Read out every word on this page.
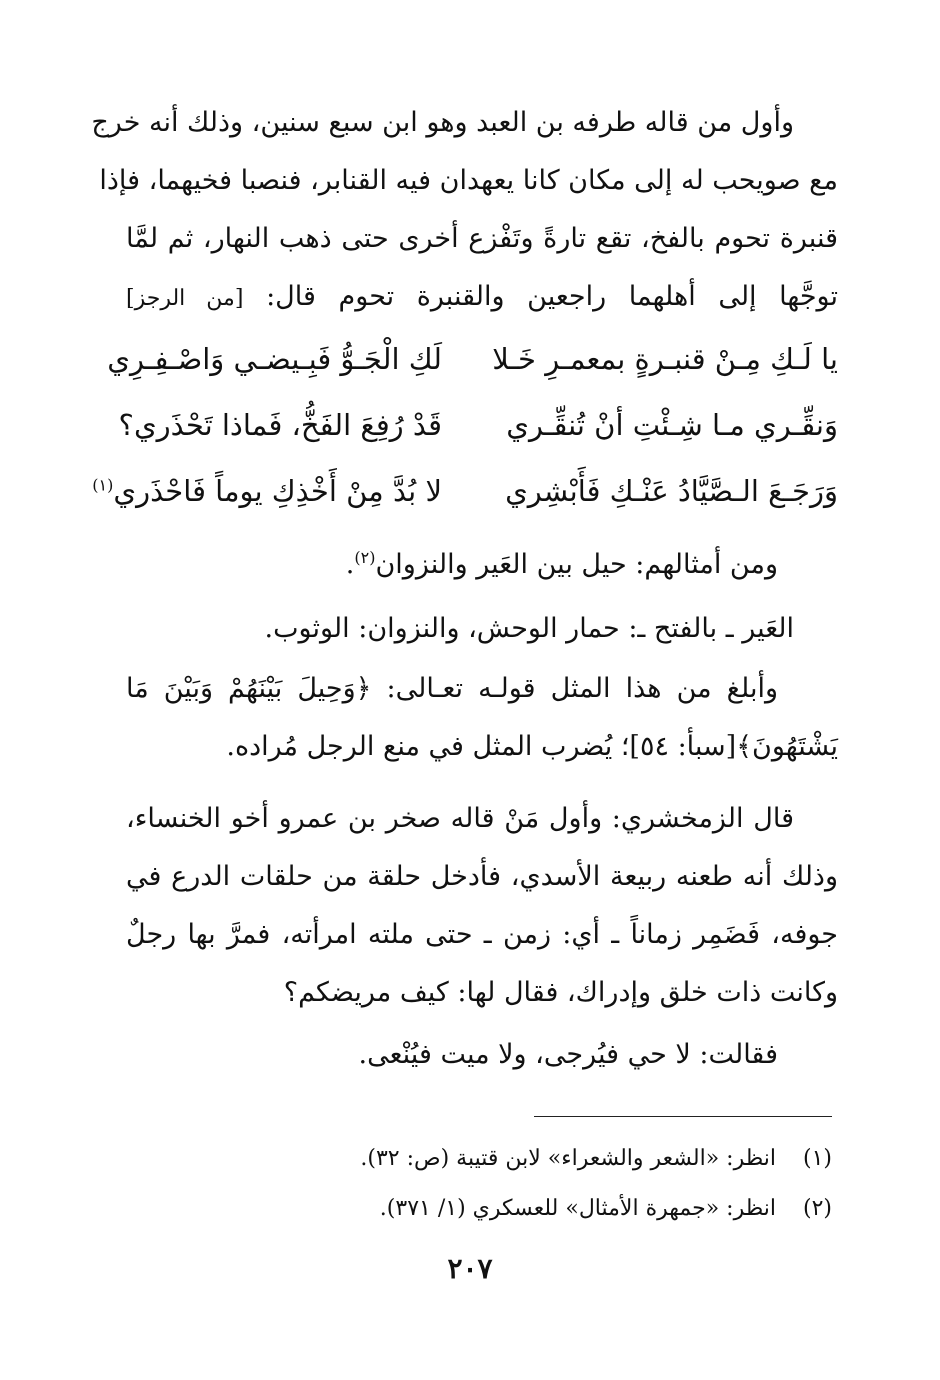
وأول من قاله طرفه بن العبد وهو ابن سبع سنين، وذلك أنه خرج
مع صويحب له إلى مكان كانا يعهدان فيه القنابر، فنصبا فخيهما، فإذا
قنبرة تحوم بالفخ، تقع تارةً وتَفْزع أخرى حتى ذهب النهار، ثم لمَّا
توجَّها إلى أهلهما راجعين والقنبرة تحوم قال: [من الرجز]
يا لَـكِ مِـنْ قنبـرةٍ بمعمـرِ خَـلا
لَكِ الْجَـوُّ فَبِـيضـي وَاصْـفِـرِي
وَنقِّـري مـا شِـئْتِ أنْ تُنقِّـري
قَدْ رُفِعَ الفَخُّ، فَماذا تَحْذَري؟
وَرَجَـعَ الـصَّيَّادُ عَنْـكِ فَأَبْشِري
لا بُدَّ مِنْ أَخْذِكِ يوماً فَاحْذَري$^{(١)}$
ومن أمثالهم: حيل بين العَير والنزوان$^{(٢)}$.
العَير ـ بالفتح ـ: حمار الوحش، والنزوان: الوثوب.
وأبلغ من هذا المثل قولـه تعـالى: ﴿وَحِيلَ بَيْنَهُمْ وَبَيْنَ مَا
يَشْتَهُونَ﴾[سبأ: ٥٤]؛ يُضرب المثل في منع الرجل مُراده.
قال الزمخشري: وأول مَنْ قاله صخر بن عمرو أخو الخنساء،
وذلك أنه طعنه ربيعة الأسدي، فأدخل حلقة من حلقات الدرع في
جوفه، فَضَمِر زماناً ـ أي: زمن ـ حتى ملته امرأته، فمرَّ بها رجلٌ
وكانت ذات خلق وإدراك، فقال لها: كيف مريضكم؟
فقالت: لا حي فيُرجى، ولا ميت فيُنْعى.
(١)انظر: «الشعر والشعراء» لابن قتيبة (ص: ٣٢).
(٢)انظر: «جمهرة الأمثال» للعسكري (١/ ٣٧١).
٢٠٧
